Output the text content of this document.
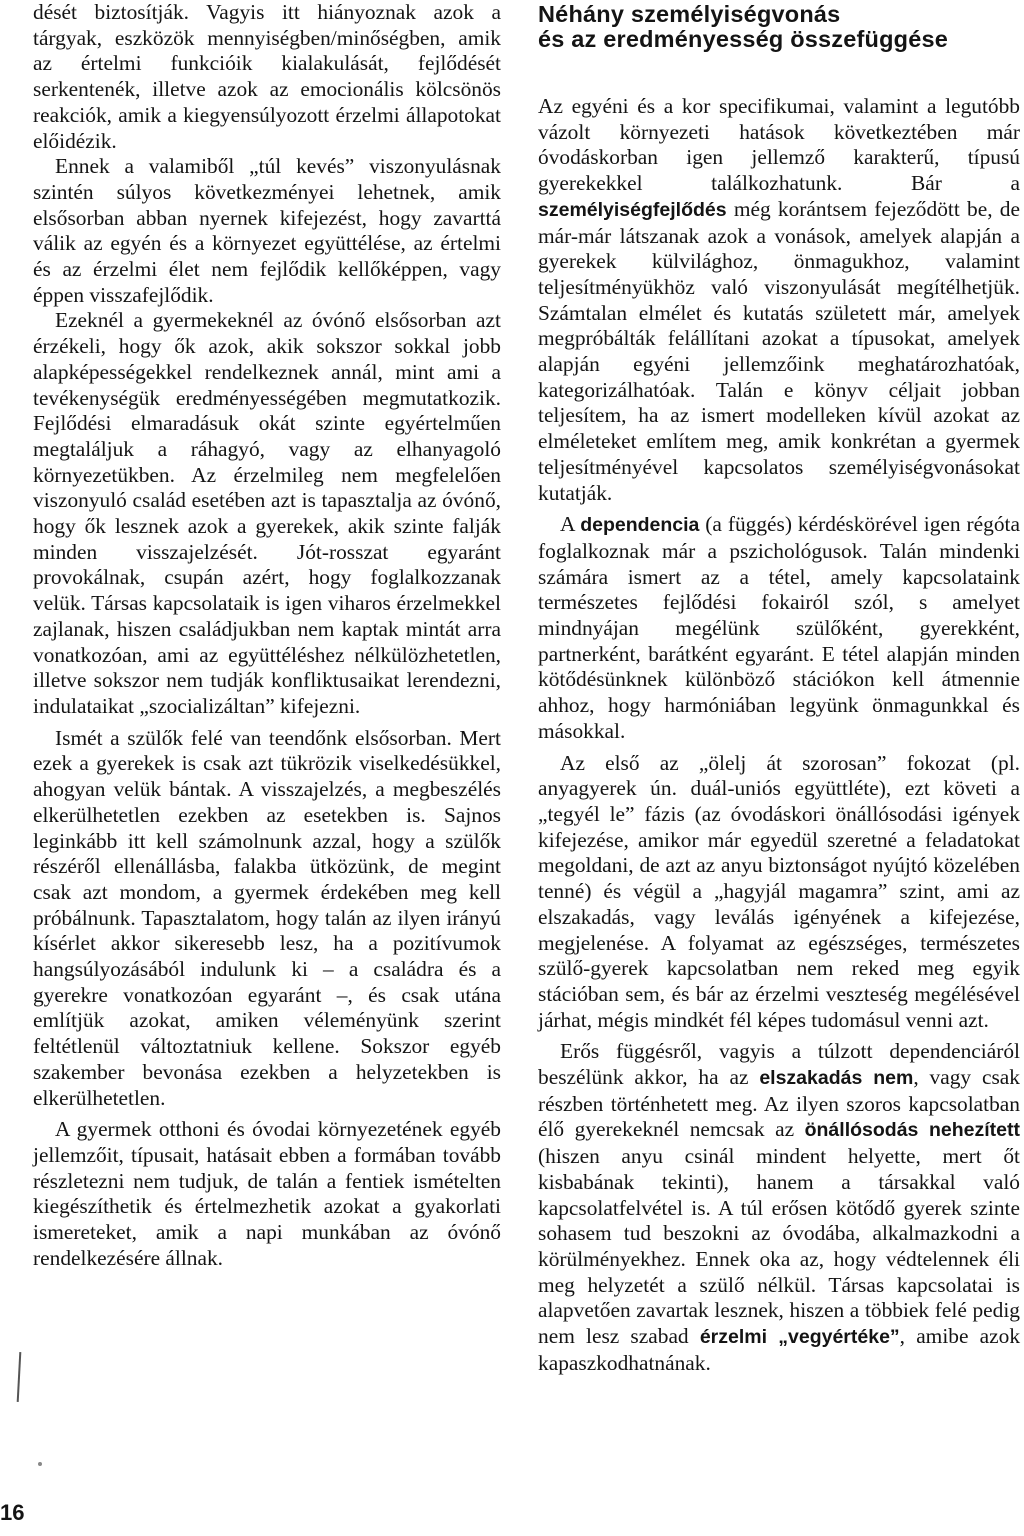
dését biztosítják. Vagyis itt hiányoznak azok a tárgyak, eszközök mennyiségben/minőségben, amik az értelmi funkcióik kialakulását, fejlődését serkentenék, illetve azok az emocionális kölcsönös reakciók, amik a kiegyensúlyozott érzelmi állapotokat előidézik.

Ennek a valamiből „túl kevés” viszonyulásnak szintén súlyos következményei lehetnek, amik elsősorban abban nyernek kifejezést, hogy zavarttá válik az egyén és a környezet együttélése, az értelmi és az érzelmi élet nem fejlődik kellőképpen, vagy éppen visszafejlődik.

Ezeknél a gyermekeknél az óvónő elsősorban azt érzékeli, hogy ők azok, akik sokszor sokkal jobb alapképességekkel rendelkeznek annál, mint ami a tevékenységük eredményességében megmutatkozik. Fejlődési elmaradásuk okát szinte egyértelműen megtaláljuk a ráhagyó, vagy az elhanyagoló környezetükben. Az érzelmileg nem megfelelően viszonyuló család esetében azt is tapasztalja az óvónő, hogy ők lesznek azok a gyerekek, akik szinte falják minden visszajelzését. Jót-rosszat egyaránt provokálnak, csupán azért, hogy foglalkozzanak velük. Társas kapcsolataik is igen viharos érzelmekkel zajlanak, hiszen családjukban nem kaptak mintát arra vonatkozóan, ami az együttéléshez nélkülözhetetlen, illetve sokszor nem tudják konfliktusaikat lerendezni, indulataikat „szocializáltan” kifejezni.

Ismét a szülők felé van teendőnk elsősorban. Mert ezek a gyerekek is csak azt tükrözik viselkedésükkel, ahogyan velük bántak. A visszajelzés, a megbeszélés elkerülhetetlen ezekben az esetekben is. Sajnos leginkább itt kell számolnunk azzal, hogy a szülők részéről ellenállásba, falakba ütközünk, de megint csak azt mondom, a gyermek érdekében meg kell próbálnunk. Tapasztalatom, hogy talán az ilyen irányú kísérlet akkor sikeresebb lesz, ha a pozitívumok hangsúlyozásából indulunk ki – a családra és a gyerekre vonatkozóan egyaránt –, és csak utána említjük azokat, amiken véleményünk szerint feltétlenül változtatniuk kellene. Sokszor egyéb szakember bevonása ezekben a helyzetekben is elkerülhetetlen.

A gyermek otthoni és óvodai környezetének egyéb jellemzőit, típusait, hatásait ebben a formában tovább részletezni nem tudjuk, de talán a fentiek ismételten kiegészíthetik és értelmezhetik azokat a gyakorlati ismereteket, amik a napi munkában az óvónő rendelkezésére állnak.

Néhány személyiségvonás
és az eredményesség összefüggése

Az egyéni és a kor specifikumai, valamint a legutóbb vázolt környezeti hatások következtében már óvodáskorban igen jellemző karakterű, típusú gyerekekkel találkozhatunk. Bár a személyiségfejlődés még korántsem fejeződött be, de már-már látszanak azok a vonások, amelyek alapján a gyerekek külvilághoz, önmagukhoz, valamint teljesítményükhöz való viszonyulását megítélhetjük. Számtalan elmélet és kutatás született már, amelyek megpróbálták felállítani azokat a típusokat, amelyek alapján egyéni jellemzőink meghatározhatóak, kategorizálhatóak. Talán e könyv céljait jobban teljesítem, ha az ismert modelleken kívül azokat az elméleteket említem meg, amik konkrétan a gyermek teljesítményével kapcsolatos személyiségvonásokat kutatják.

A dependencia (a függés) kérdéskörével igen régóta foglalkoznak már a pszichológusok. Talán mindenki számára ismert az a tétel, amely kapcsolataink természetes fejlődési fokairól szól, s amelyet mindnyájan megélünk szülőként, gyerekként, partnerként, barátként egyaránt. E tétel alapján minden kötődésünknek különböző stációkon kell átmennie ahhoz, hogy harmóniában legyünk önmagunkkal és másokkal.

Az első az „ölelj át szorosan” fokozat (pl. anyagyerek ún. duál-uniós együttléte), ezt követi a „tegyél le” fázis (az óvodáskori önállósodási igények kifejezése, amikor már egyedül szeretné a feladatokat megoldani, de azt az anyu biztonságot nyújtó közelében tenné) és végül a „hagyjál magamra” szint, ami az elszakadás, vagy leválás igényének a kifejezése, megjelenése. A folyamat az egészséges, természetes szülő-gyerek kapcsolatban nem reked meg egyik stációban sem, és bár az érzelmi veszteség megélésével járhat, mégis mindkét fél képes tudomásul venni azt.

Erős függésről, vagyis a túlzott dependenciáról beszélünk akkor, ha az elszakadás nem, vagy csak részben történhetett meg. Az ilyen szoros kapcsolatban élő gyerekeknél nemcsak az önállósodás nehezített (hiszen anyu csinál mindent helyette, mert őt kisbabának tekinti), hanem a társakkal való kapcsolatfelvétel is. A túl erősen kötődő gyerek szinte sohasem tud beszokni az óvodába, alkalmazkodni a körülményekhez. Ennek oka az, hogy védtelennek éli meg helyzetét a szülő nélkül. Társas kapcsolatai is alapvetően zavartak lesznek, hiszen a többiek felé pedig nem lesz szabad érzelmi „vegyértéke”, amibe azok kapaszkodhatnának.

16
